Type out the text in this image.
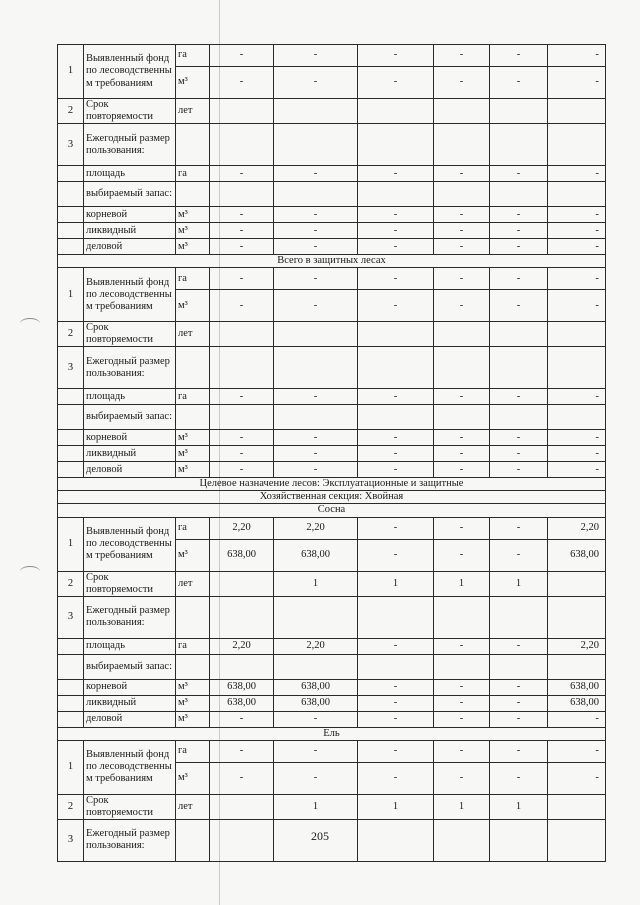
1	Выявленный фонд по лесоводственны м требованиям	га	-	-	-	-	-	-
		м³	-	-	-	-	-	-
2	Срок повторяемости	лет						
3	Ежегодный размер пользования:							
	площадь	га	-	-	-	-	-	-
	выбираемый запас:							
	корневой	м³	-	-	-	-	-	-
	ликвидный	м³	-	-	-	-	-	-
	деловой	м³	-	-	-	-	-	-
Всего в защитных лесах								
1	Выявленный фонд по лесоводственны м требованиям	га	-	-	-	-	-	-
		м³	-	-	-	-	-	-
2	Срок повторяемости	лет						
3	Ежегодный размер пользования:							
	площадь	га	-	-	-	-	-	-
	выбираемый запас:							
	корневой	м³	-	-	-	-	-	-
	ликвидный	м³	-	-	-	-	-	-
	деловой	м³	-	-	-	-	-	-
Целевое назначение лесов: Эксплуатационные и защитные								
Хозяйственная секция: Хвойная								
Сосна								
1	Выявленный фонд по лесоводственны м требованиям	га	2,20	2,20	-	-	-	2,20
		м³	638,00	638,00	-	-	-	638,00
2	Срок повторяемости	лет		1	1	1	1	
3	Ежегодный размер пользования:							
	площадь	га	2,20	2,20	-	-	-	2,20
	выбираемый запас:							
	корневой	м³	638,00	638,00	-	-	-	638,00
	ликвидный	м³	638,00	638,00	-	-	-	638,00
	деловой	м³	-	-	-	-	-	-
Ель								
1	Выявленный фонд по лесоводственны м требованиям	га	-	-	-	-	-	-
		м³	-	-	-	-	-	-
2	Срок повторяемости	лет		1	1	1	1	
3	Ежегодный размер пользования:							
205
